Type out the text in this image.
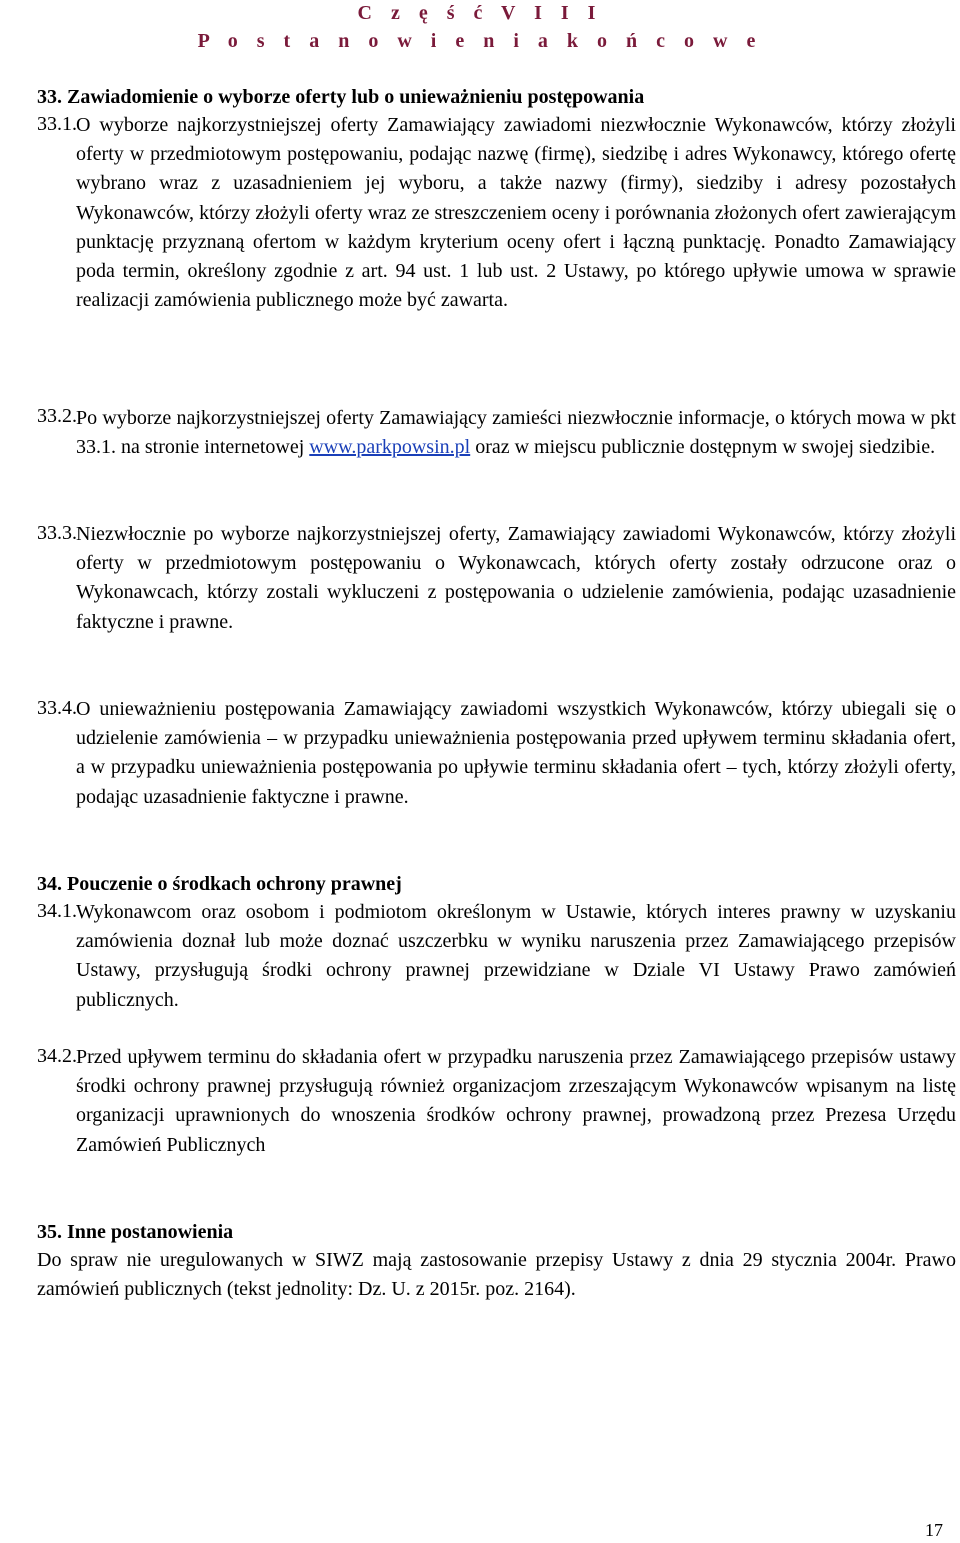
C z ę ś ć V I I I
P o s t a n o w i e n i a k o ń c o w e
33. Zawiadomienie o wyborze oferty lub o unieważnieniu postępowania
33.1. O wyborze najkorzystniejszej oferty Zamawiający zawiadomi niezwłocznie Wykonawców, którzy złożyli oferty w przedmiotowym postępowaniu, podając nazwę (firmę), siedzibę i adres Wykonawcy, którego ofertę wybrano wraz z uzasadnieniem jej wyboru, a także nazwy (firmy), siedziby i adresy pozostałych Wykonawców, którzy złożyli oferty wraz ze streszczeniem oceny i porównania złożonych ofert zawierającym punktację przyznaną ofertom w każdym kryterium oceny ofert i łączną punktację. Ponadto Zamawiający poda termin, określony zgodnie z art. 94 ust. 1 lub ust. 2 Ustawy, po którego upływie umowa w sprawie realizacji zamówienia publicznego może być zawarta.
33.2. Po wyborze najkorzystniejszej oferty Zamawiający zamieści niezwłocznie informacje, o których mowa w pkt 33.1. na stronie internetowej www.parkpowsin.pl oraz w miejscu publicznie dostępnym w swojej siedzibie.
33.3. Niezwłocznie po wyborze najkorzystniejszej oferty, Zamawiający zawiadomi Wykonawców, którzy złożyli oferty w przedmiotowym postępowaniu o Wykonawcach, których oferty zostały odrzucone oraz o Wykonawcach, którzy zostali wykluczeni z postępowania o udzielenie zamówienia, podając uzasadnienie faktyczne i prawne.
33.4. O unieważnieniu postępowania Zamawiający zawiadomi wszystkich Wykonawców, którzy ubiegali się o udzielenie zamówienia – w przypadku unieważnienia postępowania przed upływem terminu składania ofert, a w przypadku unieważnienia postępowania po upływie terminu składania ofert – tych, którzy złożyli oferty, podając uzasadnienie faktyczne i prawne.
34. Pouczenie o środkach ochrony prawnej
34.1. Wykonawcom oraz osobom i podmiotom określonym w Ustawie, których interes prawny w uzyskaniu zamówienia doznał lub może doznać uszczerbku w wyniku naruszenia przez Zamawiającego przepisów Ustawy, przysługują środki ochrony prawnej przewidziane w Dziale VI Ustawy Prawo zamówień publicznych.
34.2. Przed upływem terminu do składania ofert w przypadku naruszenia przez Zamawiającego przepisów ustawy środki ochrony prawnej przysługują również organizacjom zrzeszającym Wykonawców wpisanym na listę organizacji uprawnionych do wnoszenia środków ochrony prawnej, prowadzoną przez Prezesa Urzędu Zamówień Publicznych
35. Inne postanowienia
Do spraw nie uregulowanych w SIWZ mają zastosowanie przepisy Ustawy z dnia 29 stycznia 2004r. Prawo zamówień publicznych (tekst jednolity: Dz. U. z 2015r. poz. 2164).
17
